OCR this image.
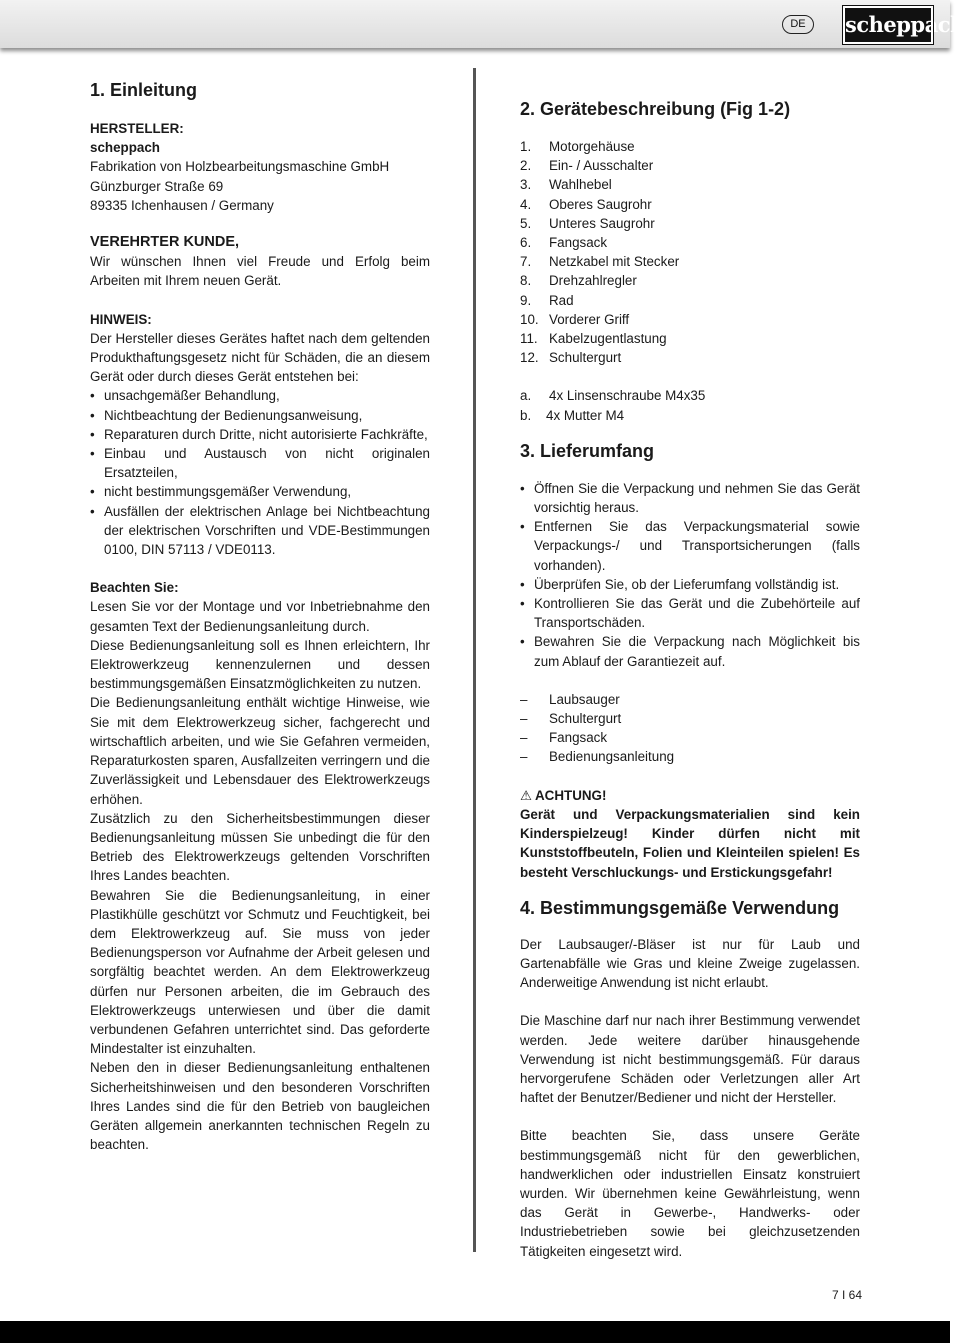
DE	scheppach
1. Einleitung

HERSTELLER:

scheppach

Fabrikation von Holzbearbeitungsmaschine GmbH

Günzburger Straße 69

89335 Ichenhausen / Germany

VEREHRTER KUNDE,

Wir wünschen Ihnen viel Freude und Erfolg beim Arbeiten mit Ihrem neuen Gerät.

HINWEIS:

Der Hersteller dieses Gerätes haftet nach dem geltenden Produkthaftungsgesetz nicht für Schäden, die an diesem Gerät oder durch dieses Gerät entstehen bei:

• unsachgemäßer Behandlung,
• Nichtbeachtung der Bedienungsanweisung,
• Reparaturen durch Dritte, nicht autorisierte Fachkräfte,
• Einbau und Austausch von nicht originalen Ersatzteilen,
• nicht bestimmungsgemäßer Verwendung,
• Ausfällen der elektrischen Anlage bei Nichtbeachtung der elektrischen Vorschriften und VDE-Bestimmungen 0100, DIN 57113 / VDE0113.

Beachten Sie:

Lesen Sie vor der Montage und vor Inbetriebnahme den gesamten Text der Bedienungsanleitung durch.

Diese Bedienungsanleitung soll es Ihnen erleichtern, Ihr Elektrowerkzeug kennenzulernen und dessen bestimmungsgemäßen Einsatzmöglichkeiten zu nutzen.

Die Bedienungsanleitung enthält wichtige Hinweise, wie Sie mit dem Elektrowerkzeug sicher, fachgerecht und wirtschaftlich arbeiten, und wie Sie Gefahren vermeiden, Reparaturkosten sparen, Ausfallzeiten verringern und die Zuverlässigkeit und Lebensdauer des Elektrowerkzeugs erhöhen.

Zusätzlich zu den Sicherheitsbestimmungen dieser Bedienungsanleitung müssen Sie unbedingt die für den Betrieb des Elektrowerkzeugs geltenden Vorschriften Ihres Landes beachten.

Bewahren Sie die Bedienungsanleitung, in einer Plastikhülle geschützt vor Schmutz und Feuchtigkeit, bei dem Elektrowerkzeug auf. Sie muss von jeder Bedienungsperson vor Aufnahme der Arbeit gelesen und sorgfältig beachtet werden. An dem Elektrowerkzeug dürfen nur Personen arbeiten, die im Gebrauch des Elektrowerkzeugs unterwiesen und über die damit verbundenen Gefahren unterrichtet sind. Das geforderte Mindestalter ist einzuhalten.

Neben den in dieser Bedienungsanleitung enthaltenen Sicherheitshinweisen und den besonderen Vorschriften Ihres Landes sind die für den Betrieb von baugleichen Geräten allgemein anerkannten technischen Regeln zu beachten.

2. Gerätebeschreibung (Fig 1-2)
1.	Motorgehäuse
2.	Ein- / Ausschalter
3.	Wahlhebel
4.	Oberes Saugrohr
5.	Unteres Saugrohr
6.	Fangsack
7.	Netzkabel mit Stecker
8.	Drehzahlregler
9.	Rad
10. Vorderer Griff
11. Kabelzugentlastung
12. Schultergurt
a.	4x Linsenschraube M4x35
b.	4x Mutter M4
3. Lieferumfang
• Öffnen Sie die Verpackung und nehmen Sie das Gerät vorsichtig heraus.
• Entfernen Sie das Verpackungsmaterial sowie Verpackungs-/ und Transportsicherungen (falls vorhanden).
• Überprüfen Sie, ob der Lieferumfang vollständig ist.
• Kontrollieren Sie das Gerät und die Zubehörteile auf Transportschäden.
• Bewahren Sie die Verpackung nach Möglichkeit bis zum Ablauf der Garantiezeit auf.
–	Laubsauger
–	Schultergurt
–	Fangsack
–	Bedienungsanleitung

⚠ ACHTUNG!

Gerät und Verpackungsmaterialien sind kein Kinderspielzeug! Kinder dürfen nicht mit Kunststoffbeuteln, Folien und Kleinteilen spielen! Es besteht Verschluckungs- und Erstickungsgefahr!

4. Bestimmungsgemäße Verwendung

Der Laubsauger/-Bläser ist nur für Laub und Gartenabfälle wie Gras und kleine Zweige zugelassen. Anderweitige Anwendung ist nicht erlaubt.

Die Maschine darf nur nach ihrer Bestimmung verwendet werden. Jede weitere darüber hinausgehende Verwendung ist nicht bestimmungsgemäß. Für daraus hervorgerufene Schäden oder Verletzungen aller Art haftet der Benutzer/Bediener und nicht der Hersteller.

Bitte beachten Sie, dass unsere Geräte bestimmungsgemäß nicht für den gewerblichen, handwerklichen oder industriellen Einsatz konstruiert wurden. Wir übernehmen keine Gewährleistung, wenn das Gerät in Gewerbe-, Handwerks- oder Industriebetrieben sowie bei gleichzusetzenden Tätigkeiten eingesetzt wird.

7 I 64
